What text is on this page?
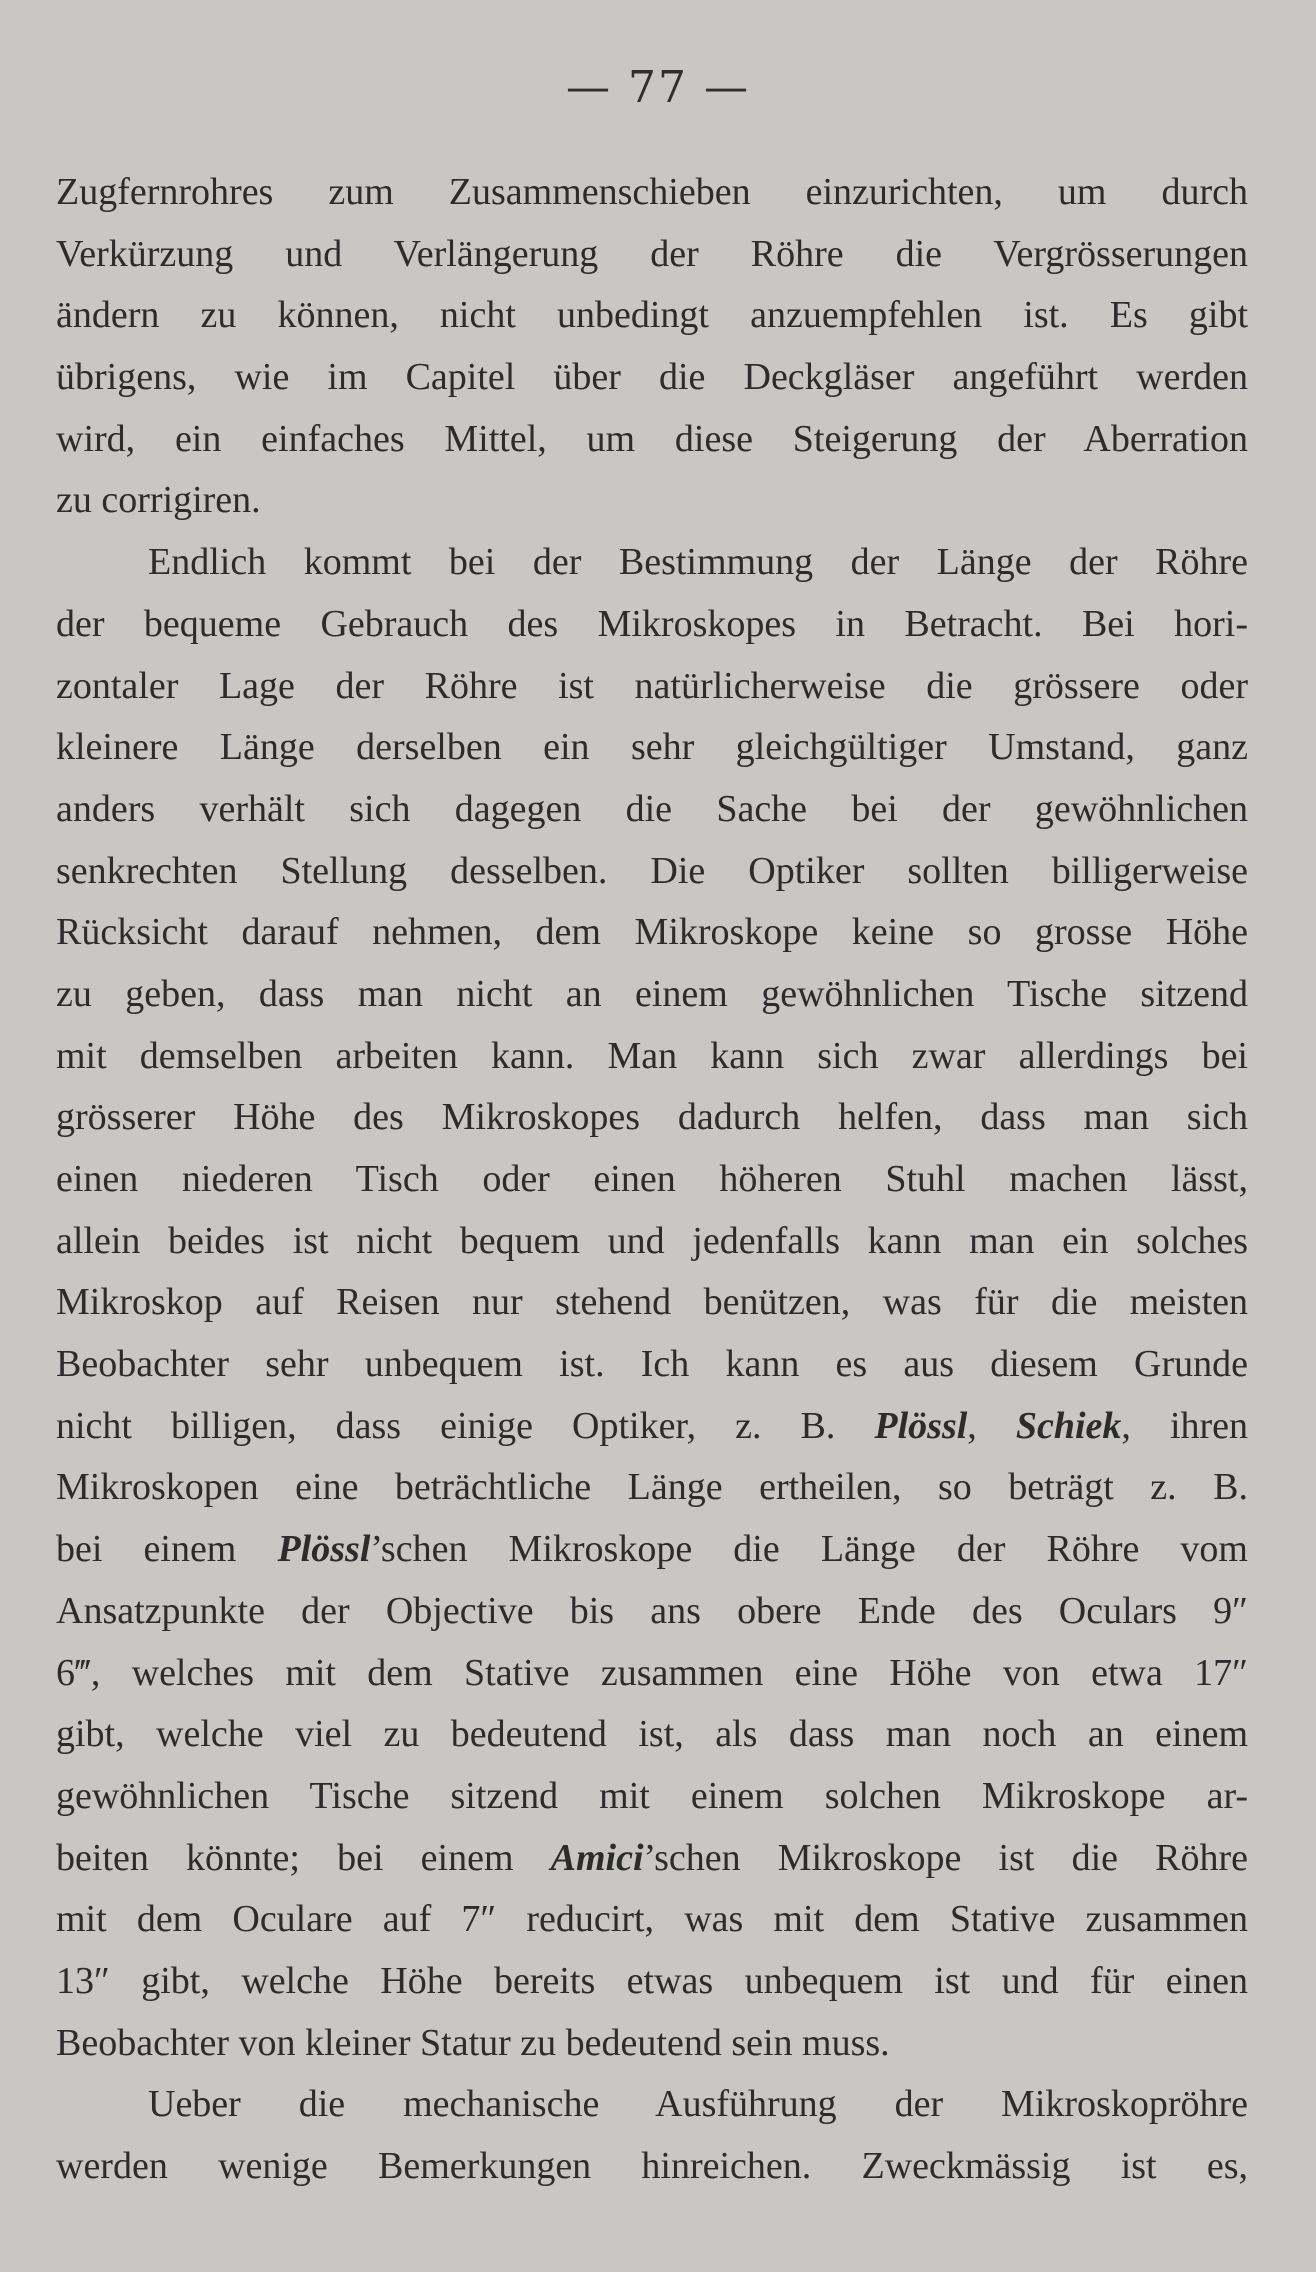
— 77 —
Zugfernrohres zum Zusammenschieben einzurichten, um durch
Verkürzung und Verlängerung der Röhre die Vergrösserungen
ändern zu können, nicht unbedingt anzuempfehlen ist. Es gibt
übrigens, wie im Capitel über die Deckgläser angeführt werden
wird, ein einfaches Mittel, um diese Steigerung der Aberration
zu corrigiren.
Endlich kommt bei der Bestimmung der Länge der Röhre
der bequeme Gebrauch des Mikroskopes in Betracht. Bei hori-
zontaler Lage der Röhre ist natürlicherweise die grössere oder
kleinere Länge derselben ein sehr gleichgültiger Umstand, ganz
anders verhält sich dagegen die Sache bei der gewöhnlichen
senkrechten Stellung desselben. Die Optiker sollten billigerweise
Rücksicht darauf nehmen, dem Mikroskope keine so grosse Höhe
zu geben, dass man nicht an einem gewöhnlichen Tische sitzend
mit demselben arbeiten kann. Man kann sich zwar allerdings bei
grösserer Höhe des Mikroskopes dadurch helfen, dass man sich
einen niederen Tisch oder einen höheren Stuhl machen lässt,
allein beides ist nicht bequem und jedenfalls kann man ein solches
Mikroskop auf Reisen nur stehend benützen, was für die meisten
Beobachter sehr unbequem ist. Ich kann es aus diesem Grunde
nicht billigen, dass einige Optiker, z. B. Plössl, Schiek, ihren
Mikroskopen eine beträchtliche Länge ertheilen, so beträgt z. B.
bei einem Plössl’schen Mikroskope die Länge der Röhre vom
Ansatzpunkte der Objective bis ans obere Ende des Oculars 9″
6‴, welches mit dem Stative zusammen eine Höhe von etwa 17″
gibt, welche viel zu bedeutend ist, als dass man noch an einem
gewöhnlichen Tische sitzend mit einem solchen Mikroskope ar-
beiten könnte; bei einem Amici’schen Mikroskope ist die Röhre
mit dem Oculare auf 7″ reducirt, was mit dem Stative zusammen
13″ gibt, welche Höhe bereits etwas unbequem ist und für einen
Beobachter von kleiner Statur zu bedeutend sein muss.
Ueber die mechanische Ausführung der Mikroskopröhre
werden wenige Bemerkungen hinreichen. Zweckmässig ist es,
